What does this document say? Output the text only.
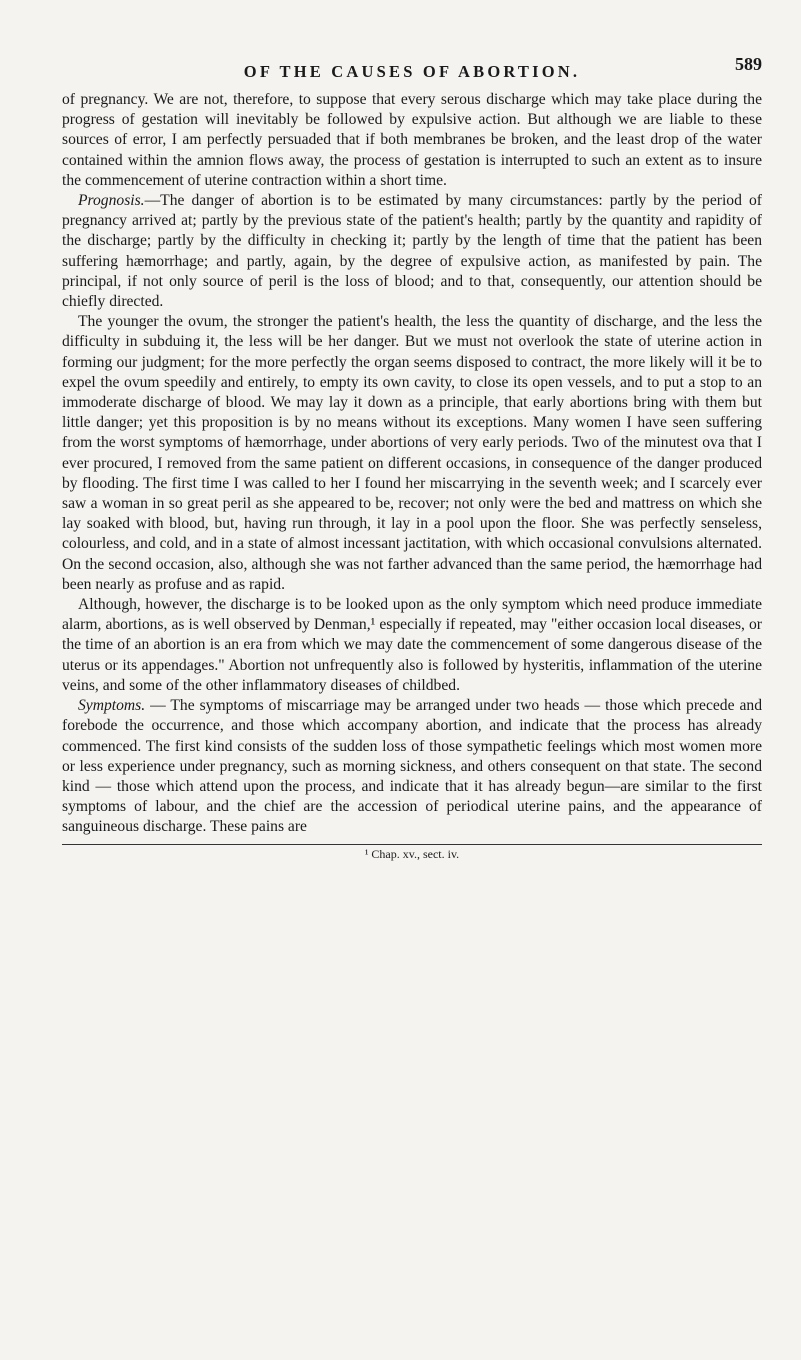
OF THE CAUSES OF ABORTION.	589

of pregnancy. We are not, therefore, to suppose that every serous discharge which may take place during the progress of gestation will inevitably be followed by expulsive action. But although we are liable to these sources of error, I am perfectly persuaded that if both membranes be broken, and the least drop of the water contained within the amnion flows away, the process of gestation is interrupted to such an extent as to insure the commencement of uterine contraction within a short time.

Prognosis.—The danger of abortion is to be estimated by many circumstances: partly by the period of pregnancy arrived at; partly by the previous state of the patient's health; partly by the quantity and rapidity of the discharge; partly by the difficulty in checking it; partly by the length of time that the patient has been suffering hæmorrhage; and partly, again, by the degree of expulsive action, as manifested by pain. The principal, if not only source of peril is the loss of blood; and to that, consequently, our attention should be chiefly directed.

The younger the ovum, the stronger the patient's health, the less the quantity of discharge, and the less the difficulty in subduing it, the less will be her danger. But we must not overlook the state of uterine action in forming our judgment; for the more perfectly the organ seems disposed to contract, the more likely will it be to expel the ovum speedily and entirely, to empty its own cavity, to close its open vessels, and to put a stop to an immoderate discharge of blood. We may lay it down as a principle, that early abortions bring with them but little danger; yet this proposition is by no means without its exceptions. Many women I have seen suffering from the worst symptoms of hæmorrhage, under abortions of very early periods. Two of the minutest ova that I ever procured, I removed from the same patient on different occasions, in consequence of the danger produced by flooding. The first time I was called to her I found her miscarrying in the seventh week; and I scarcely ever saw a woman in so great peril as she appeared to be, recover; not only were the bed and mattress on which she lay soaked with blood, but, having run through, it lay in a pool upon the floor. She was perfectly senseless, colourless, and cold, and in a state of almost incessant jactitation, with which occasional convulsions alternated. On the second occasion, also, although she was not farther advanced than the same period, the hæmorrhage had been nearly as profuse and as rapid.

Although, however, the discharge is to be looked upon as the only symptom which need produce immediate alarm, abortions, as is well observed by Denman,¹ especially if repeated, may "either occasion local diseases, or the time of an abortion is an era from which we may date the commencement of some dangerous disease of the uterus or its appendages." Abortion not unfrequently also is followed by hysteritis, inflammation of the uterine veins, and some of the other inflammatory diseases of childbed.

Symptoms. — The symptoms of miscarriage may be arranged under two heads — those which precede and forebode the occurrence, and those which accompany abortion, and indicate that the process has already commenced. The first kind consists of the sudden loss of those sympathetic feelings which most women more or less experience under pregnancy, such as morning sickness, and others consequent on that state. The second kind — those which attend upon the process, and indicate that it has already begun—are similar to the first symptoms of labour, and the chief are the accession of periodical uterine pains, and the appearance of sanguineous discharge. These pains are

¹ Chap. xv., sect. iv.
